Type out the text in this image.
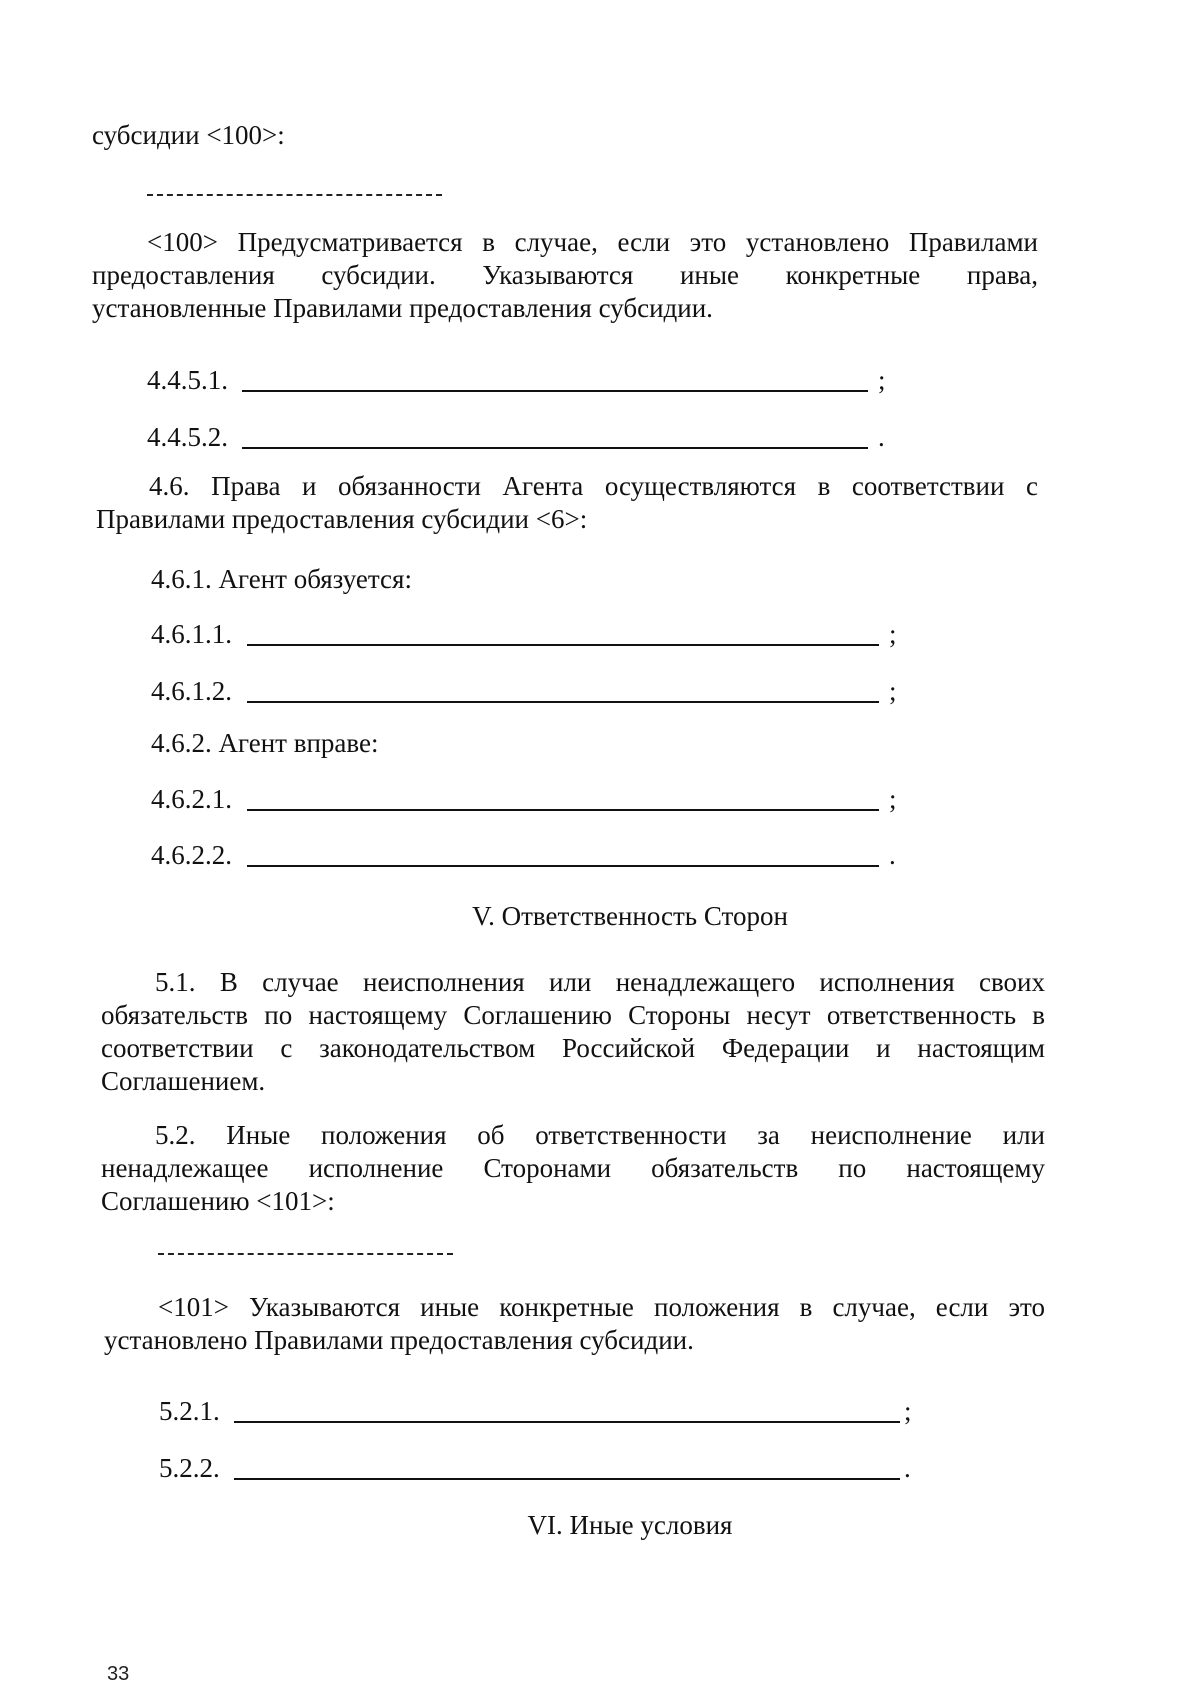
субсидии <100>:
<100> Предусматривается в случае, если это установлено Правилами
предоставления субсидии. Указываются иные конкретные права,
установленные Правилами предоставления субсидии.
4.4.5.1.	;
4.4.5.2.	.
4.6. Права и обязанности Агента осуществляются в соответствии с
Правилами предоставления субсидии <6>:
4.6.1. Агент обязуется:
4.6.1.1.	;
4.6.1.2.	;
4.6.2. Агент вправе:
4.6.2.1.	;
4.6.2.2.	.
V. Ответственность Сторон
5.1. В случае неисполнения или ненадлежащего исполнения своих
обязательств по настоящему Соглашению Стороны несут ответственность в
соответствии с законодательством Российской Федерации и настоящим
Соглашением.
5.2. Иные положения об ответственности за неисполнение или
ненадлежащее исполнение Сторонами обязательств по настоящему
Соглашению <101>:
<101> Указываются иные конкретные положения в случае, если это
установлено Правилами предоставления субсидии.
5.2.1.	;
5.2.2.	.
VI. Иные условия
33
